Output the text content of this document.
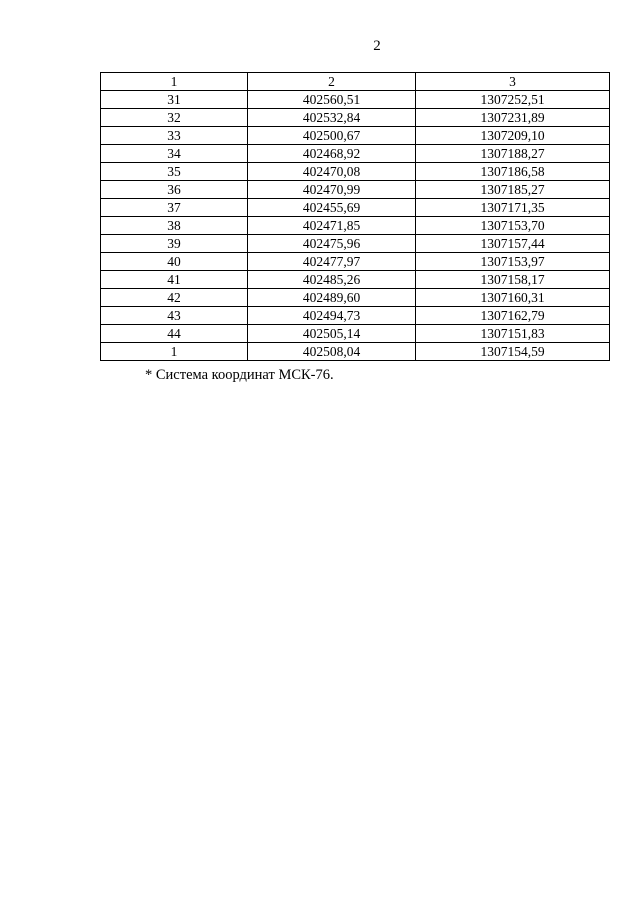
2
1	2	3
31	402560,51	1307252,51
32	402532,84	1307231,89
33	402500,67	1307209,10
34	402468,92	1307188,27
35	402470,08	1307186,58
36	402470,99	1307185,27
37	402455,69	1307171,35
38	402471,85	1307153,70
39	402475,96	1307157,44
40	402477,97	1307153,97
41	402485,26	1307158,17
42	402489,60	1307160,31
43	402494,73	1307162,79
44	402505,14	1307151,83
1	402508,04	1307154,59
* Система координат МСК-76.
